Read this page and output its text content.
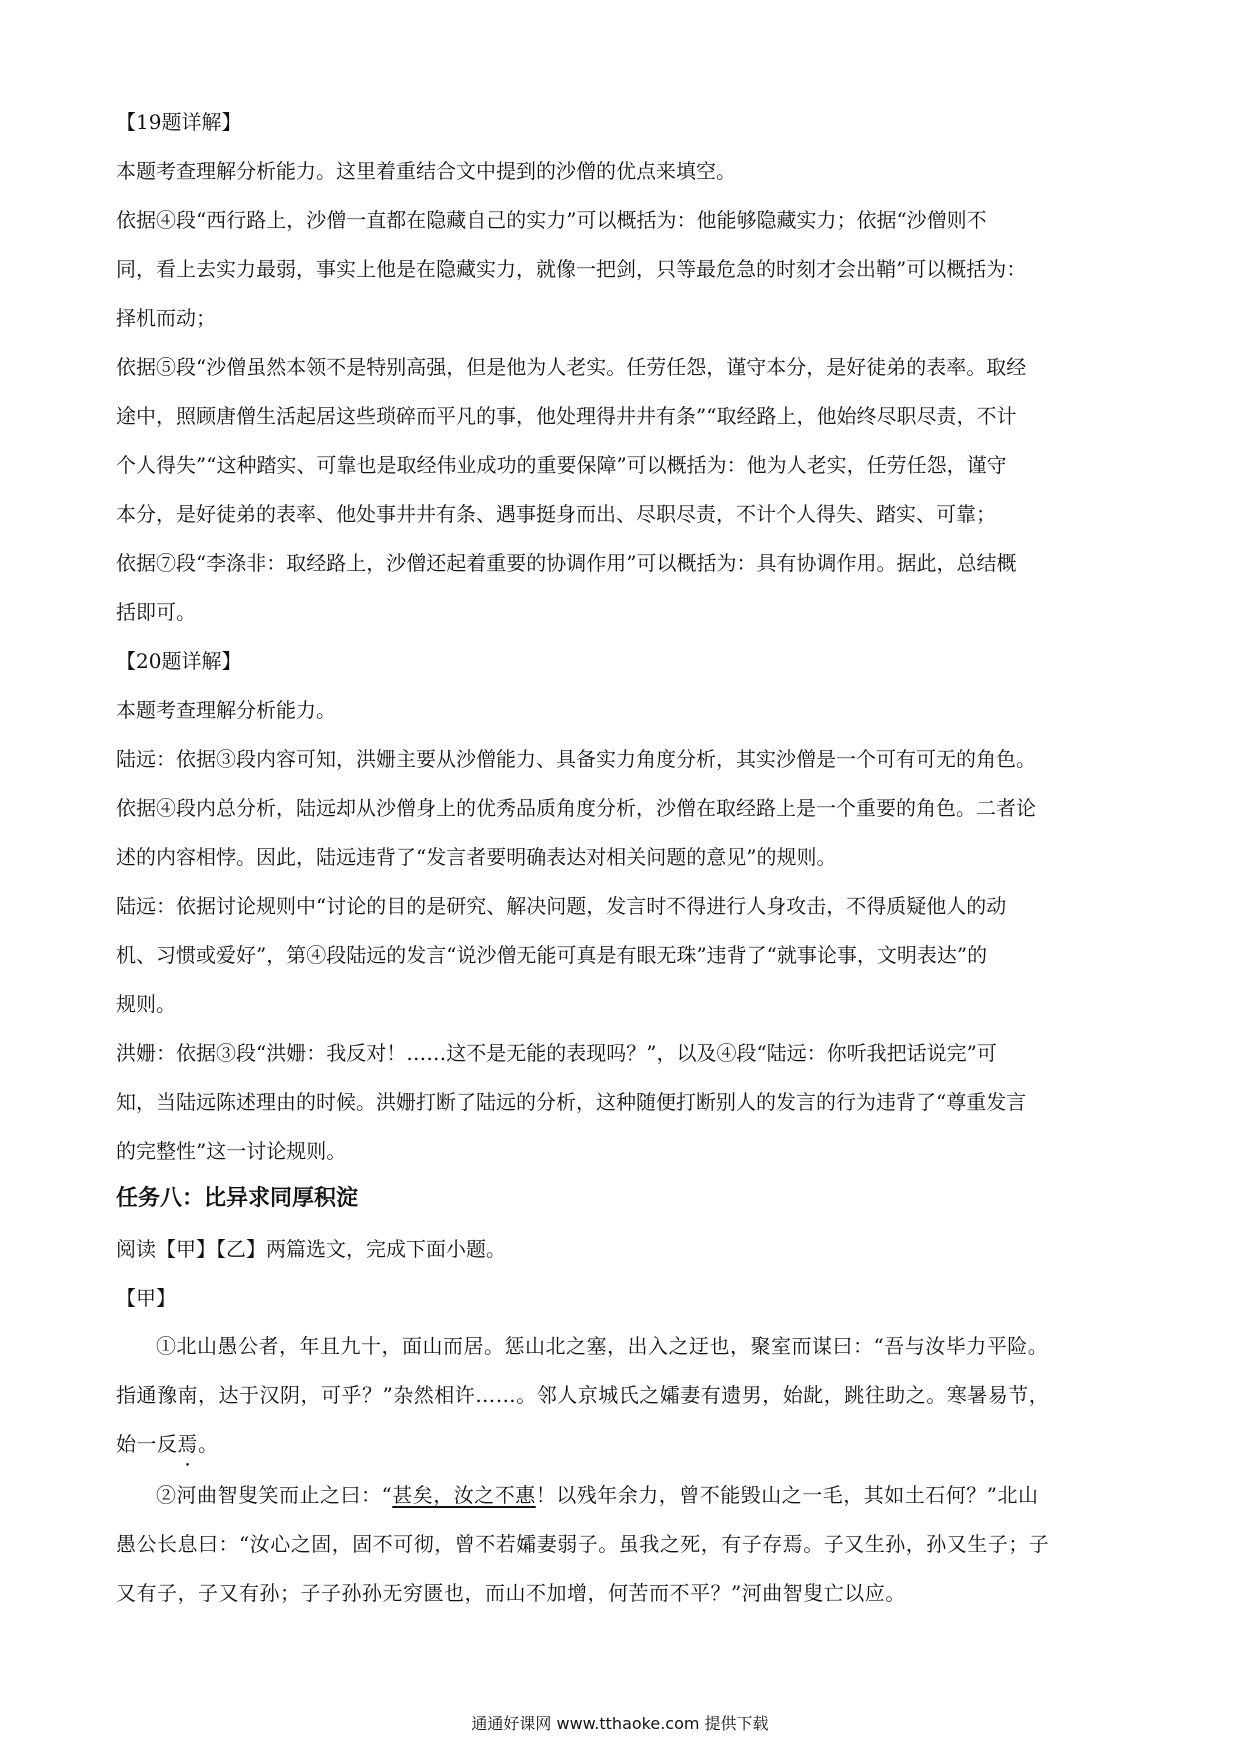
【19题详解】
本题考查理解分析能力。这里着重结合文中提到的沙僧的优点来填空。
依据④段“西行路上，沙僧一直都在隐藏自己的实力”可以概括为：他能够隐藏实力；依据“沙僧则不
同，看上去实力最弱，事实上他是在隐藏实力，就像一把剑，只等最危急的时刻才会出鞘”可以概括为：
择机而动；
依据⑤段“沙僧虽然本领不是特别高强，但是他为人老实。任劳任怨，谨守本分，是好徒弟的表率。取经
途中，照顾唐僧生活起居这些琐碎而平凡的事，他处理得井井有条”“取经路上，他始终尽职尽责，不计
个人得失”“这种踏实、可靠也是取经伟业成功的重要保障”可以概括为：他为人老实，任劳任怨，谨守
本分，是好徒弟的表率、他处事井井有条、遇事挺身而出、尽职尽责，不计个人得失、踏实、可靠；
依据⑦段“李涤非：取经路上，沙僧还起着重要的协调作用”可以概括为：具有协调作用。据此，总结概
括即可。
【20题详解】
本题考查理解分析能力。
陆远：依据③段内容可知，洪姗主要从沙僧能力、具备实力角度分析，其实沙僧是一个可有可无的角色。
依据④段内总分析，陆远却从沙僧身上的优秀品质角度分析，沙僧在取经路上是一个重要的角色。二者论
述的内容相悖。因此，陆远违背了“发言者要明确表达对相关问题的意见”的规则。
陆远：依据讨论规则中“讨论的目的是研究、解决问题，发言时不得进行人身攻击，不得质疑他人的动
机、习惯或爱好”，第④段陆远的发言“说沙僧无能可真是有眼无珠”违背了“就事论事，文明表达”的
规则。
洪姗：依据③段“洪姗：我反对！……这不是无能的表现吗？”，以及④段“陆远：你听我把话说完”可
知，当陆远陈述理由的时候。洪姗打断了陆远的分析，这种随便打断别人的发言的行为违背了“尊重发言
的完整性”这一讨论规则。
任务八：比异求同厚积淀
阅读【甲】【乙】两篇选文，完成下面小题。
【甲】
①北山愚公者，年且九十，面山而居。惩山北之塞，出入之迂也，聚室而谋曰：“吾与汝毕力平险。
指通豫南，达于汉阴，可乎？”杂然相许……。邻人京城氏之孀妻有遗男，始龀，跳往助之。寒暑易节，
始一反焉。
②河曲智叟笑而止之曰：“甚矣，汝之不惠！以残年余力，曾不能毁山之一毛，其如土石何？”北山
愚公长息曰：“汝心之固，固不可彻，曾不若孀妻弱子。虽我之死，有子存焉。子又生孙，孙又生子；子
又有子，子又有孙；子子孙孙无穷匮也，而山不加增，何苦而不平？”河曲智叟亡以应。
通通好课网 www.tthaoke.com 提供下载
